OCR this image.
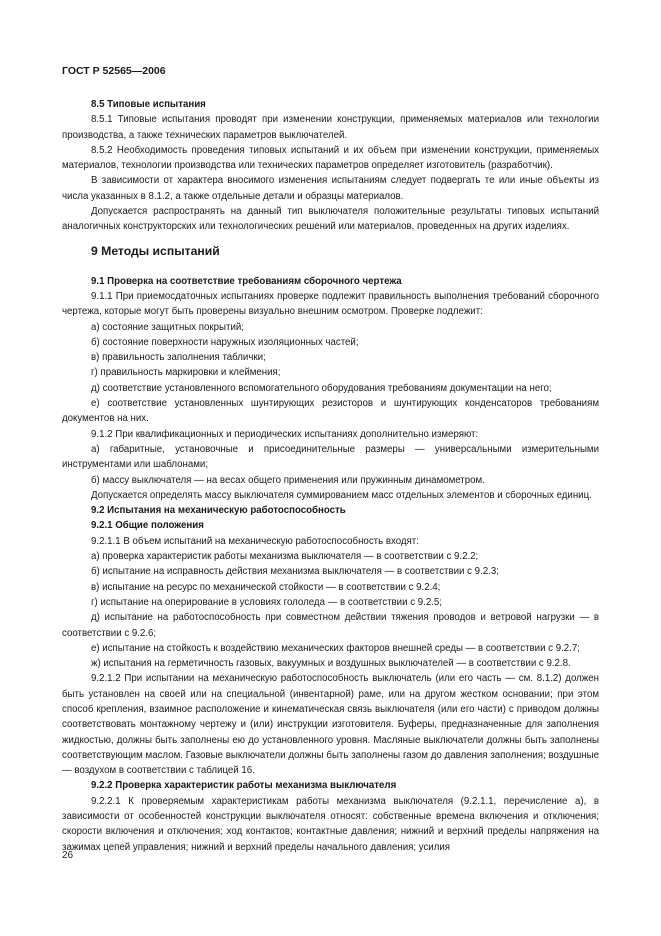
ГОСТ Р 52565—2006
8.5 Типовые испытания
8.5.1 Типовые испытания проводят при изменении конструкции, применяемых материалов или технологии производства, а также технических параметров выключателей.
8.5.2 Необходимость проведения типовых испытаний и их объем при изменении конструкции, применяемых материалов, технологии производства или технических параметров определяет изготовитель (разработчик).
В зависимости от характера вносимого изменения испытаниям следует подвергать те или иные объекты из числа указанных в 8.1.2, а также отдельные детали и образцы материалов.
Допускается распространять на данный тип выключателя положительные результаты типовых испытаний аналогичных конструкторских или технологических решений или материалов, проведенных на других изделиях.
9 Методы испытаний
9.1 Проверка на соответствие требованиям сборочного чертежа
9.1.1 При приемосдаточных испытаниях проверке подлежит правильность выполнения требований сборочного чертежа, которые могут быть проверены визуально внешним осмотром. Проверке подлежит:
а) состояние защитных покрытий;
б) состояние поверхности наружных изоляционных частей;
в) правильность заполнения таблички;
г) правильность маркировки и клеймения;
д) соответствие установленного вспомогательного оборудования требованиям документации на него;
е) соответствие установленных шунтирующих резисторов и шунтирующих конденсаторов требованиям документов на них.
9.1.2 При квалификационных и периодических испытаниях дополнительно измеряют:
а) габаритные, установочные и присоединительные размеры — универсальными измерительными инструментами или шаблонами;
б) массу выключателя — на весах общего применения или пружинным динамометром.
Допускается определять массу выключателя суммированием масс отдельных элементов и сборочных единиц.
9.2 Испытания на механическую работоспособность
9.2.1 Общие положения
9.2.1.1 В объем испытаний на механическую работоспособность входят:
а) проверка характеристик работы механизма выключателя — в соответствии с 9.2.2;
б) испытание на исправность действия механизма выключателя — в соответствии с 9.2.3;
в) испытание на ресурс по механической стойкости — в соответствии с 9.2.4;
г) испытание на оперирование в условиях гололеда — в соответствии с 9.2.5;
д) испытание на работоспособность при совместном действии тяжения проводов и ветровой нагрузки — в соответствии с 9.2.6;
е) испытание на стойкость к воздействию механических факторов внешней среды — в соответствии с 9.2.7;
ж) испытания на герметичность газовых, вакуумных и воздушных выключателей — в соответствии с 9.2.8.
9.2.1.2 При испытании на механическую работоспособность выключатель (или его часть — см. 8.1.2) должен быть установлен на своей или на специальной (инвентарной) раме, или на другом жестком основании; при этом способ крепления, взаимное расположение и кинематическая связь выключателя (или его части) с приводом должны соответствовать монтажному чертежу и (или) инструкции изготовителя. Буферы, предназначенные для заполнения жидкостью, должны быть заполнены ею до установленного уровня. Масляные выключатели должны быть заполнены соответствующим маслом. Газовые выключатели должны быть заполнены газом до давления заполнения; воздушные — воздухом в соответствии с таблицей 16.
9.2.2 Проверка характеристик работы механизма выключателя
9.2.2.1 К проверяемым характеристикам работы механизма выключателя (9.2.1.1, перечисление а), в зависимости от особенностей конструкции выключателя относят: собственные времена включения и отключения; скорости включения и отключения; ход контактов; контактные давления; нижний и верхний пределы напряжения на зажимах цепей управления; нижний и верхний пределы начального давления; усилия
26
